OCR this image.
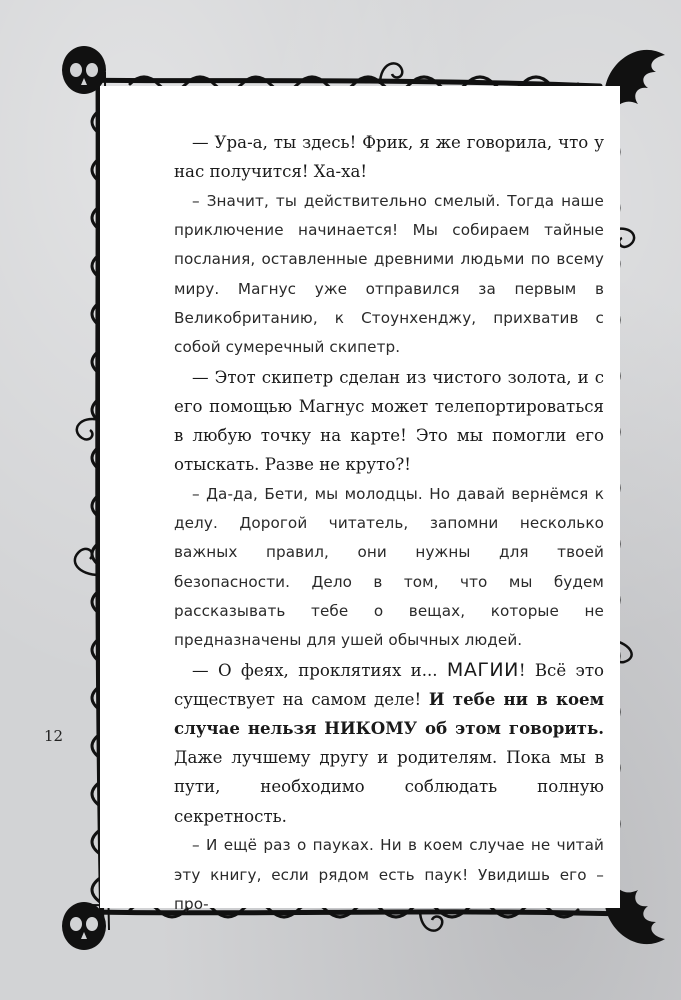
— Ура-а, ты здесь! Фрик, я же говорила, что у нас получится! Ха-ха!

– Значит, ты действительно смелый. Тогда наше приключение начинается! Мы собираем тайные послания, оставленные древними людьми по всему миру. Магнус уже отправился за первым в Великобританию, к Стоунхенджу, прихватив с собой сумеречный скипетр.

— Этот скипетр сделан из чистого золота, и с его помощью Магнус может телепортироваться в любую точку на карте! Это мы помогли его отыскать. Разве не круто?!

– Да-да, Бети, мы молодцы. Но давай вернёмся к делу. Дорогой читатель, запомни несколько важных правил, они нужны для твоей безопасности. Дело в том, что мы будем рассказывать тебе о вещах, которые не предназначены для ушей обычных людей.

— О феях, проклятиях и... МАГИИ! Всё это существует на самом деле! И тебе ни в коем случае нельзя НИКОМУ об этом говорить. Даже лучшему другу и родителям. Пока мы в пути, необходимо соблюдать полную секретность.

– И ещё раз о пауках. Ни в коем случае не читай эту книгу, если рядом есть паук! Увидишь его – про-

12
